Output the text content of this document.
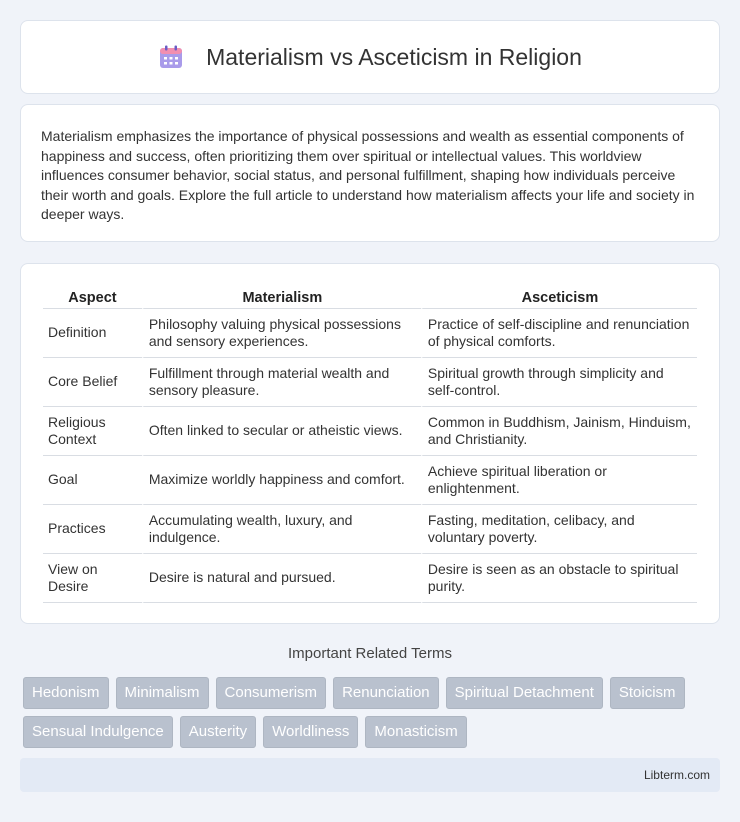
Materialism vs Asceticism in Religion

Materialism emphasizes the importance of physical possessions and wealth as essential components of happiness and success, often prioritizing them over spiritual or intellectual values. This worldview influences consumer behavior, social status, and personal fulfillment, shaping how individuals perceive their worth and goals. Explore the full article to understand how materialism affects your life and society in deeper ways.

Aspect	Materialism	Asceticism
Definition	Philosophy valuing physical possessions and sensory experiences.	Practice of self-discipline and renunciation of physical comforts.
Core Belief	Fulfillment through material wealth and sensory pleasure.	Spiritual growth through simplicity and self-control.
Religious Context	Often linked to secular or atheistic views.	Common in Buddhism, Jainism, Hinduism, and Christianity.
Goal	Maximize worldly happiness and comfort.	Achieve spiritual liberation or enlightenment.
Practices	Accumulating wealth, luxury, and indulgence.	Fasting, meditation, celibacy, and voluntary poverty.
View on Desire	Desire is natural and pursued.	Desire is seen as an obstacle to spiritual purity.
Important Related Terms
Hedonism	Minimalism	Consumerism	Renunciation	Spiritual Detachment	Stoicism
Sensual Indulgence	Austerity	Worldliness	Monasticism
Libterm.com
